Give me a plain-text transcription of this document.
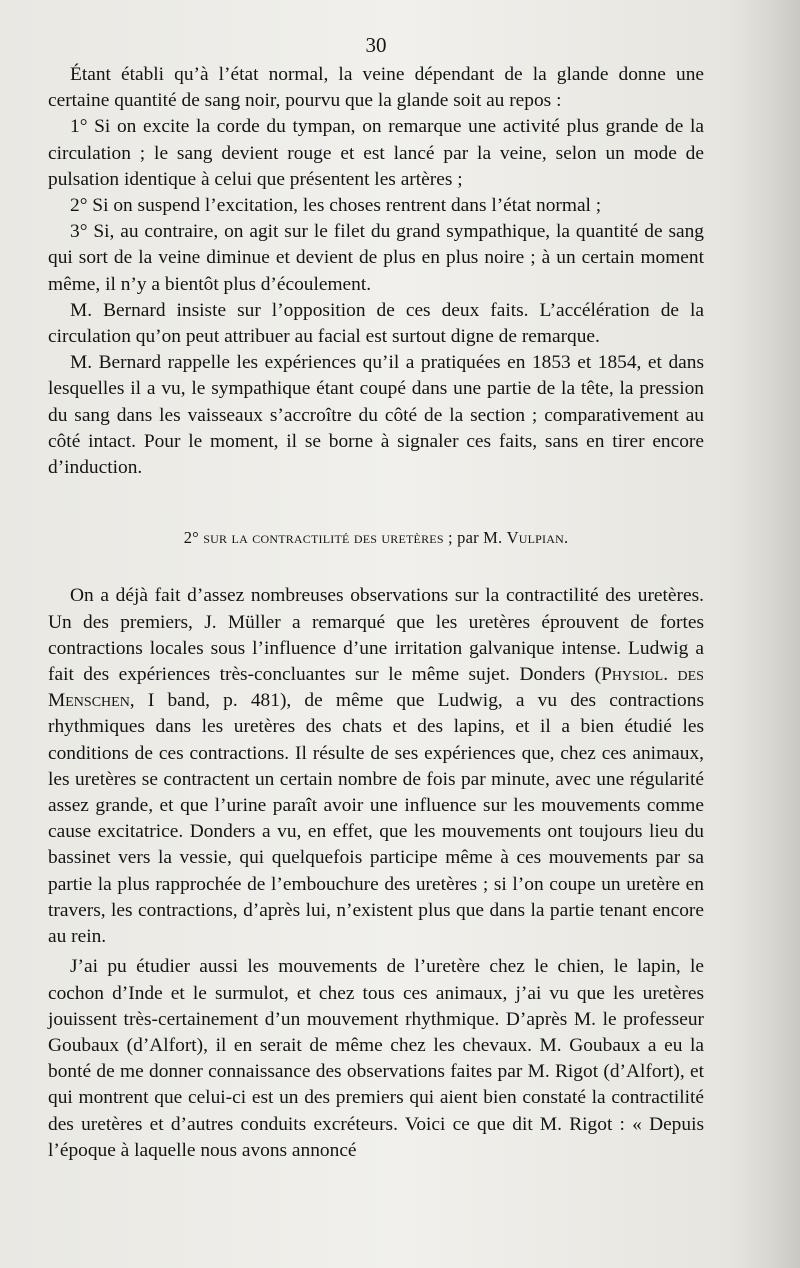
30

Étant établi qu’à l’état normal, la veine dépendant de la glande donne une certaine quantité de sang noir, pourvu que la glande soit au repos :

1° Si on excite la corde du tympan, on remarque une activité plus grande de la circulation ; le sang devient rouge et est lancé par la veine, selon un mode de pulsation identique à celui que présentent les artères ;

2° Si on suspend l’excitation, les choses rentrent dans l’état normal ;

3° Si, au contraire, on agit sur le filet du grand sympathique, la quantité de sang qui sort de la veine diminue et devient de plus en plus noire ; à un certain moment même, il n’y a bientôt plus d’écoulement.

M. Bernard insiste sur l’opposition de ces deux faits. L’accélération de la circulation qu’on peut attribuer au facial est surtout digne de remarque.

M. Bernard rappelle les expériences qu’il a pratiquées en 1853 et 1854, et dans lesquelles il a vu, le sympathique étant coupé dans une partie de la tête, la pression du sang dans les vaisseaux s’accroître du côté de la section ; comparativement au côté intact. Pour le moment, il se borne à signaler ces faits, sans en tirer encore d’induction.

2° sur la contractilité des uretères ; par M. Vulpian.

On a déjà fait d’assez nombreuses observations sur la contractilité des uretères. Un des premiers, J. Müller a remarqué que les uretères éprouvent de fortes contractions locales sous l’influence d’une irritation galvanique intense. Ludwig a fait des expériences très-concluantes sur le même sujet. Donders (Physiol. des Menschen, I band, p. 481), de même que Ludwig, a vu des contractions rhythmiques dans les uretères des chats et des lapins, et il a bien étudié les conditions de ces contractions. Il résulte de ses expériences que, chez ces animaux, les uretères se contractent un certain nombre de fois par minute, avec une régularité assez grande, et que l’urine paraît avoir une influence sur les mouvements comme cause excitatrice. Donders a vu, en effet, que les mouvements ont toujours lieu du bassinet vers la vessie, qui quelquefois participe même à ces mouvements par sa partie la plus rapprochée de l’embouchure des uretères ; si l’on coupe un uretère en travers, les contractions, d’après lui, n’existent plus que dans la partie tenant encore au rein.

J’ai pu étudier aussi les mouvements de l’uretère chez le chien, le lapin, le cochon d’Inde et le surmulot, et chez tous ces animaux, j’ai vu que les uretères jouissent très-certainement d’un mouvement rhythmique. D’après M. le professeur Goubaux (d’Alfort), il en serait de même chez les chevaux. M. Goubaux a eu la bonté de me donner connaissance des observations faites par M. Rigot (d’Alfort), et qui montrent que celui-ci est un des premiers qui aient bien constaté la contractilité des uretères et d’autres conduits excréteurs. Voici ce que dit M. Rigot : « Depuis l’époque à laquelle nous avons annoncé
